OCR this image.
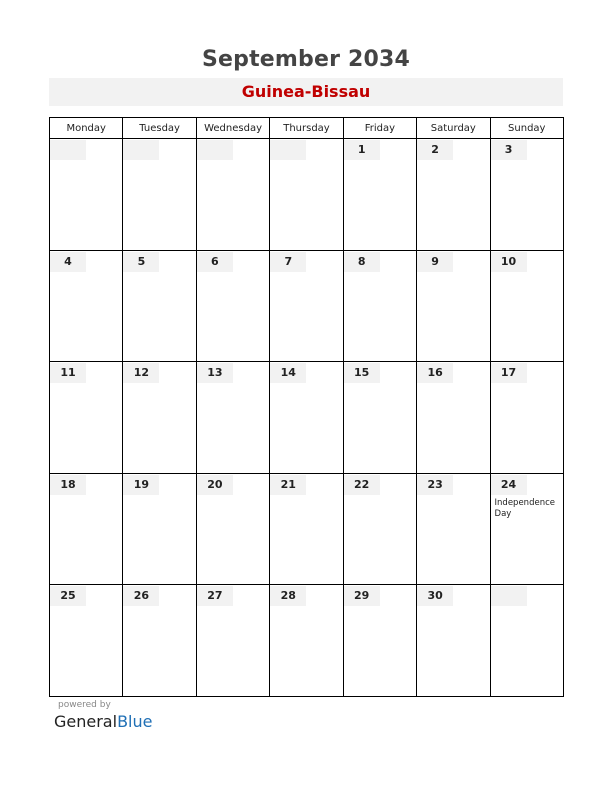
September 2034
Guinea-Bissau
Monday	Tuesday	Wednesday	Thursday	Friday	Saturday	Sunday

				1	2	3

4	5	6	7	8	9	10

11	12	13	14	15	16	17

18	19	20	21	22	23	24
Independence Day

25	26	27	28	29	30	

powered by
GeneralBlue
